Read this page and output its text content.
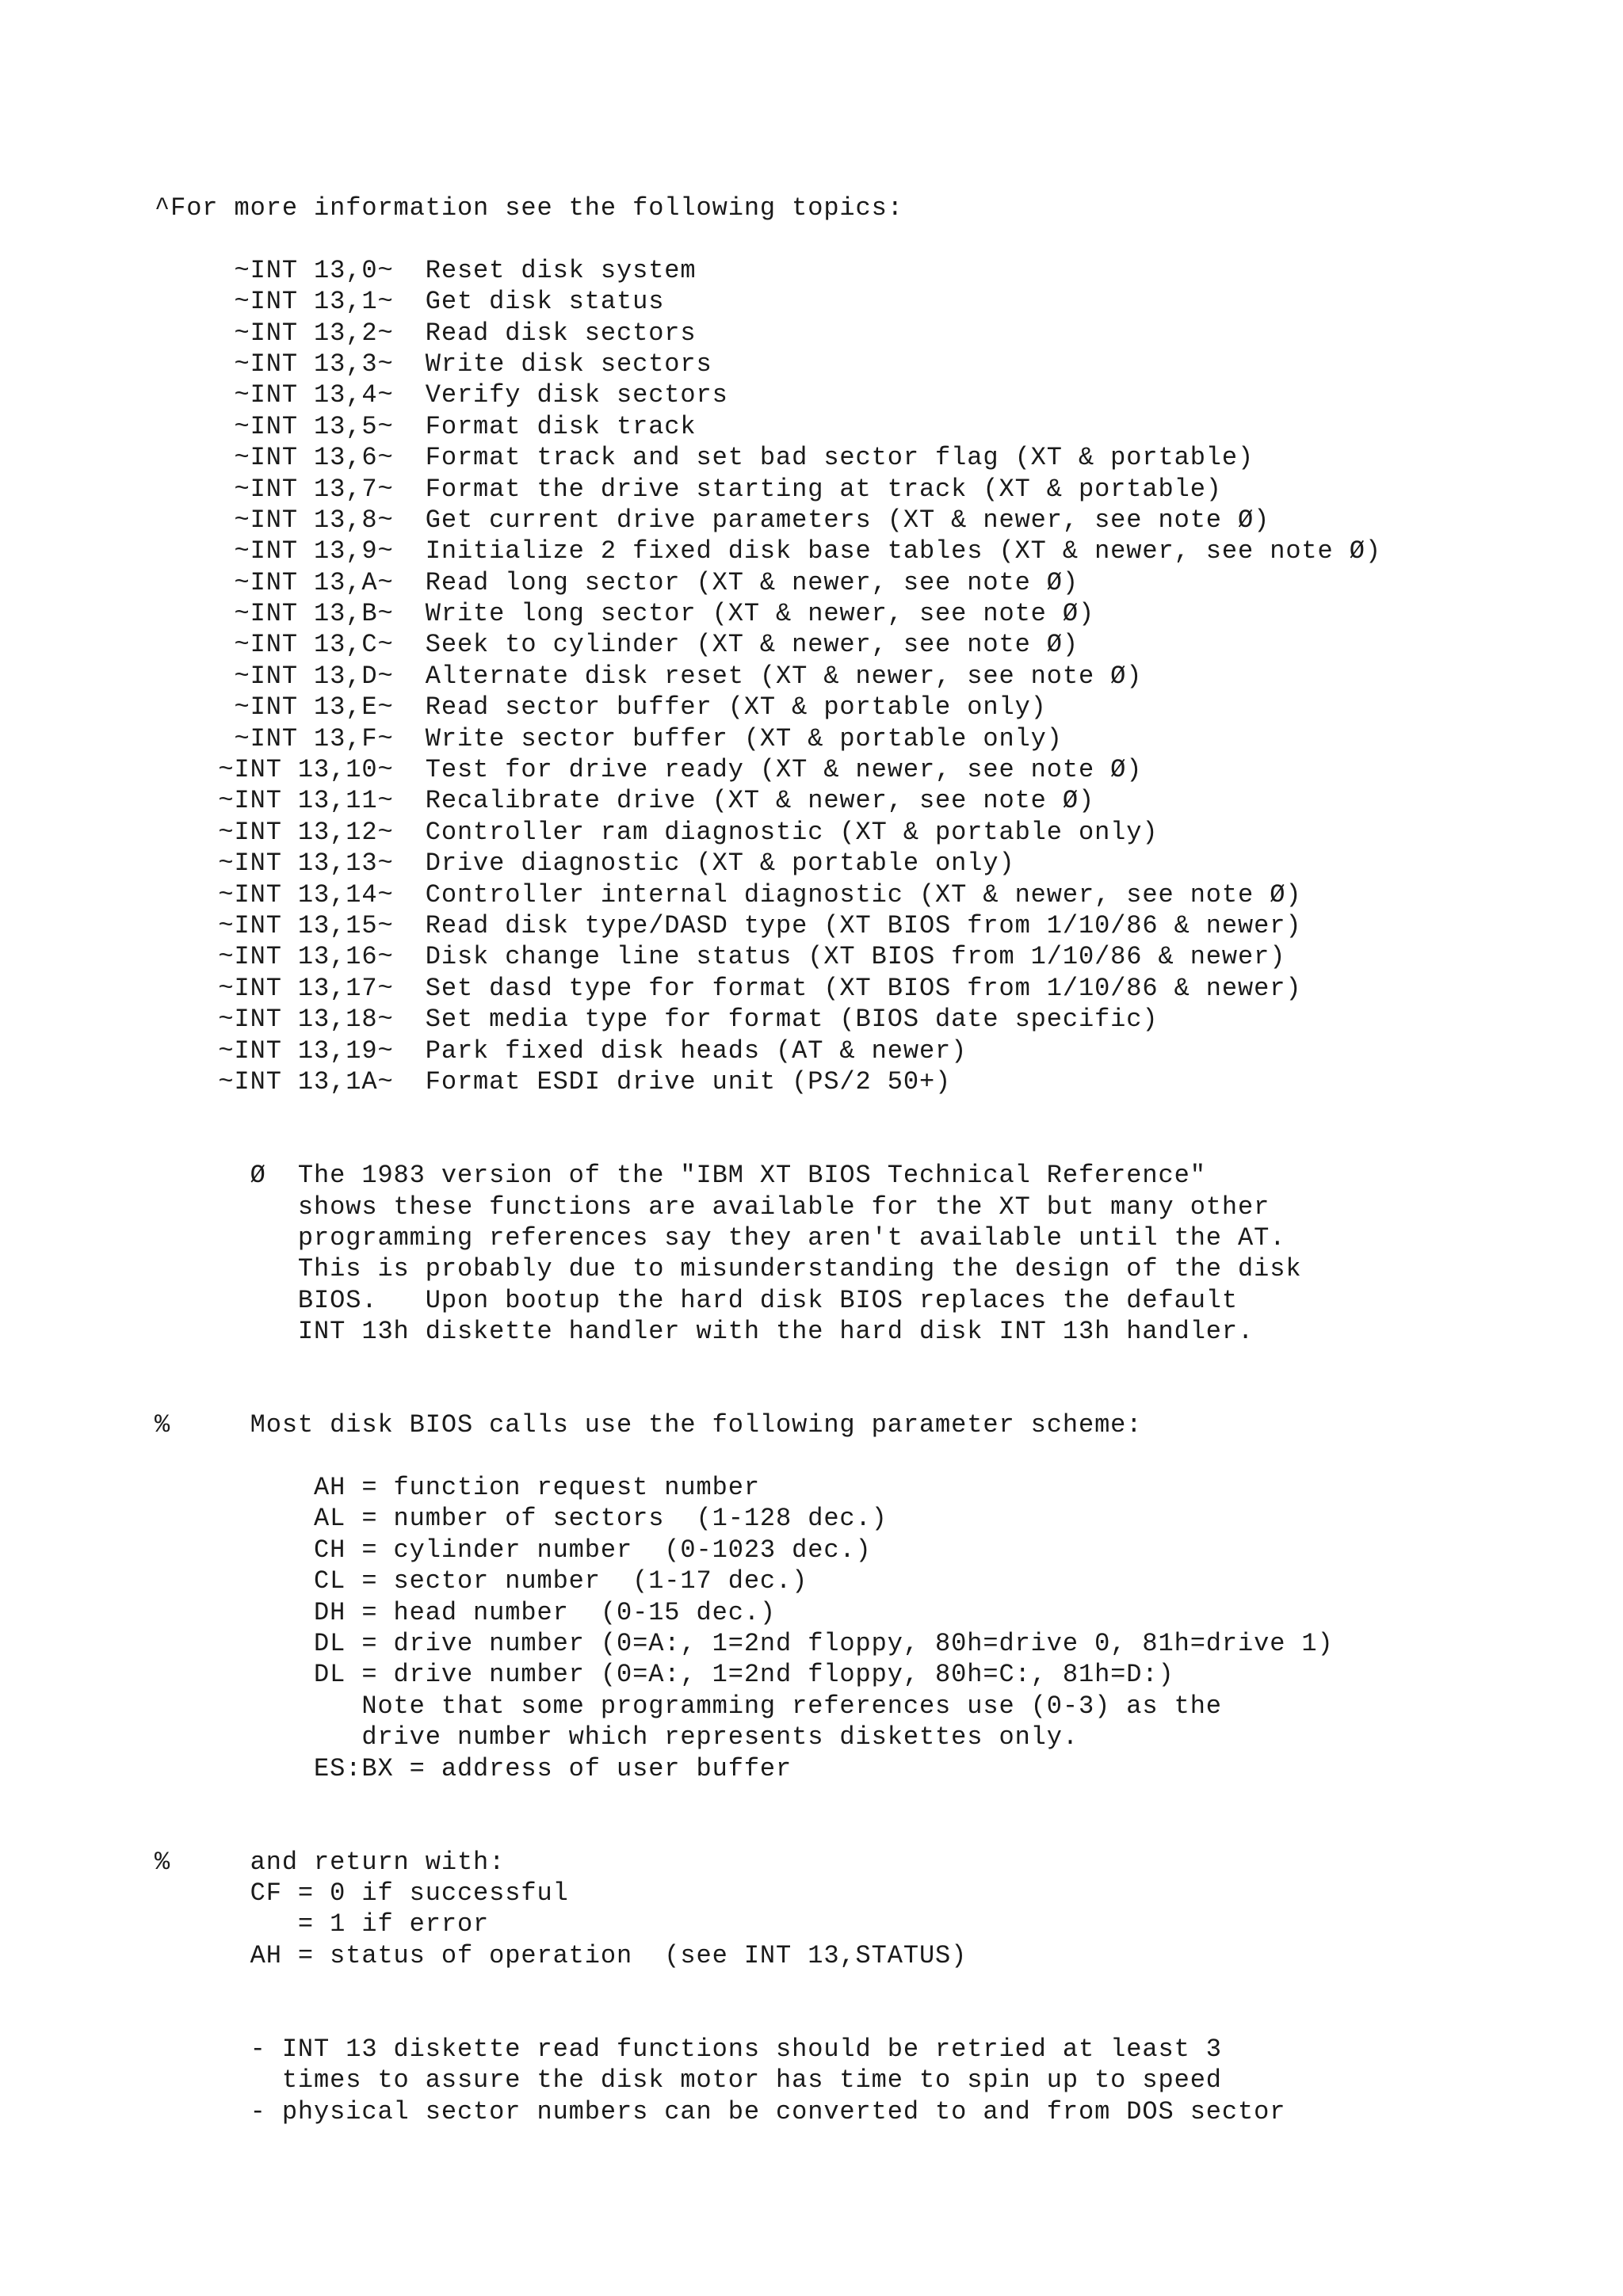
^For more information see the following topics:
~INT 13,0~  Reset disk system
~INT 13,1~  Get disk status
~INT 13,2~  Read disk sectors
~INT 13,3~  Write disk sectors
~INT 13,4~  Verify disk sectors
~INT 13,5~  Format disk track
~INT 13,6~  Format track and set bad sector flag (XT & portable)
~INT 13,7~  Format the drive starting at track (XT & portable)
~INT 13,8~  Get current drive parameters (XT & newer, see note Ø)
~INT 13,9~  Initialize 2 fixed disk base tables (XT & newer, see note Ø)
~INT 13,A~  Read long sector (XT & newer, see note Ø)
~INT 13,B~  Write long sector (XT & newer, see note Ø)
~INT 13,C~  Seek to cylinder (XT & newer, see note Ø)
~INT 13,D~  Alternate disk reset (XT & newer, see note Ø)
~INT 13,E~  Read sector buffer (XT & portable only)
~INT 13,F~  Write sector buffer (XT & portable only)
~INT 13,10~  Test for drive ready (XT & newer, see note Ø)
~INT 13,11~  Recalibrate drive (XT & newer, see note Ø)
~INT 13,12~  Controller ram diagnostic (XT & portable only)
~INT 13,13~  Drive diagnostic (XT & portable only)
~INT 13,14~  Controller internal diagnostic (XT & newer, see note Ø)
~INT 13,15~  Read disk type/DASD type (XT BIOS from 1/10/86 & newer)
~INT 13,16~  Disk change line status (XT BIOS from 1/10/86 & newer)
~INT 13,17~  Set dasd type for format (XT BIOS from 1/10/86 & newer)
~INT 13,18~  Set media type for format (BIOS date specific)
~INT 13,19~  Park fixed disk heads (AT & newer)
~INT 13,1A~  Format ESDI drive unit (PS/2 50+)
Ø  The 1983 version of the "IBM XT BIOS Technical Reference"
shows these functions are available for the XT but many other
programming references say they aren't available until the AT.
This is probably due to misunderstanding the design of the disk
BIOS.   Upon bootup the hard disk BIOS replaces the default
INT 13h diskette handler with the hard disk INT 13h handler.
%     Most disk BIOS calls use the following parameter scheme:
AH = function request number
AL = number of sectors  (1-128 dec.)
CH = cylinder number  (0-1023 dec.)
CL = sector number  (1-17 dec.)
DH = head number  (0-15 dec.)
DL = drive number (0=A:, 1=2nd floppy, 80h=drive 0, 81h=drive 1)
DL = drive number (0=A:, 1=2nd floppy, 80h=C:, 81h=D:)
Note that some programming references use (0-3) as the
drive number which represents diskettes only.
ES:BX = address of user buffer
%     and return with:
CF = 0 if successful
= 1 if error
AH = status of operation  (see INT 13,STATUS)
- INT 13 diskette read functions should be retried at least 3
times to assure the disk motor has time to spin up to speed
- physical sector numbers can be converted to and from DOS sector
